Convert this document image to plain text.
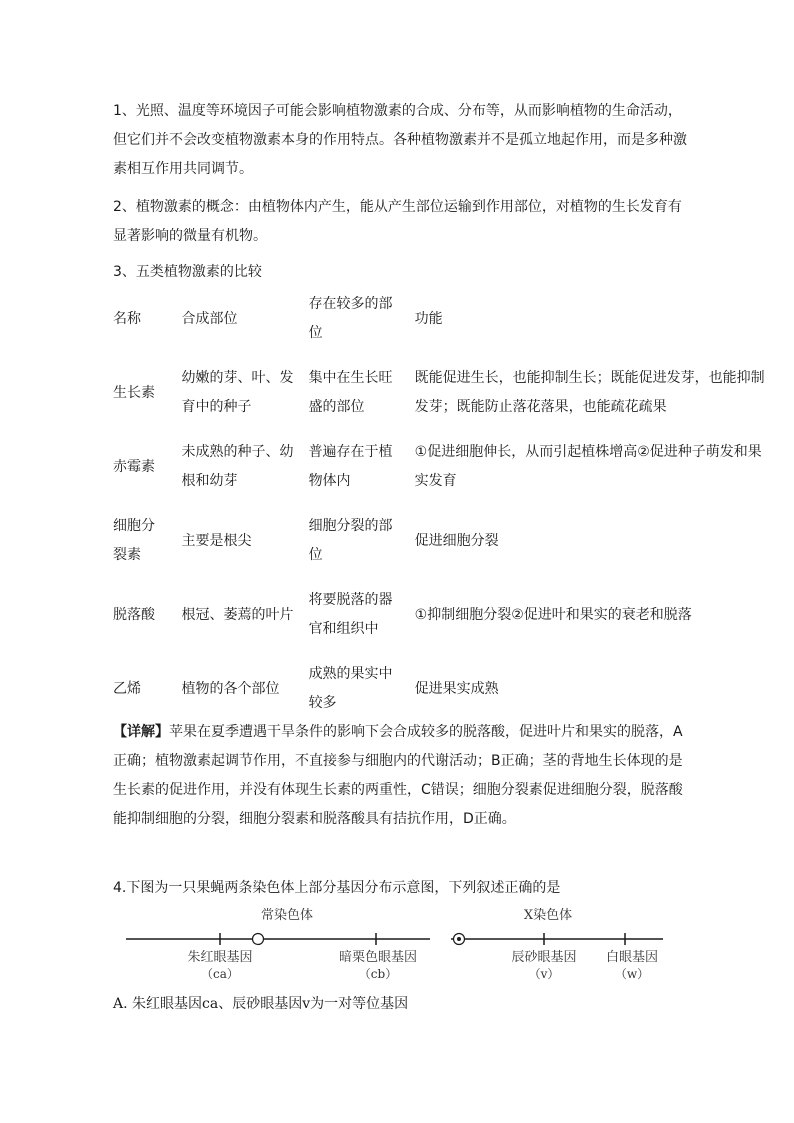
1、光照、温度等环境因子可能会影响植物激素的合成、分布等，从而影响植物的生命活动，但它们并不会改变植物激素本身的作用特点。各种植物激素并不是孤立地起作用，而是多种激素相互作用共同调节。

2、植物激素的概念：由植物体内产生，能从产生部位运输到作用部位，对植物的生长发育有显著影响的微量有机物。

3、五类植物激素的比较

名称	合成部位	存在较多的部位	功能
生长素	幼嫩的芽、叶、发育中的种子	集中在生长旺盛的部位	既能促进生长，也能抑制生长；既能促进发芽，也能抑制发芽；既能防止落花落果，也能疏花疏果
赤霉素	未成熟的种子、幼根和幼芽	普遍存在于植物体内	①促进细胞伸长，从而引起植株增高②促进种子萌发和果实发育
细胞分裂素	主要是根尖	细胞分裂的部位	促进细胞分裂
脱落酸	根冠、萎蔫的叶片	将要脱落的器官和组织中	①抑制细胞分裂②促进叶和果实的衰老和脱落
乙烯	植物的各个部位	成熟的果实中较多	促进果实成熟

【详解】苹果在夏季遭遇干旱条件的影响下会合成较多的脱落酸，促进叶片和果实的脱落，A正确；植物激素起调节作用，不直接参与细胞内的代谢活动；B正确；茎的背地生长体现的是生长素的促进作用，并没有体现生长素的两重性，C错误；细胞分裂素促进细胞分裂，脱落酸能抑制细胞的分裂，细胞分裂素和脱落酸具有拮抗作用，D正确。

4.下图为一只果蝇两条染色体上部分基因分布示意图，下列叙述正确的是

常染色体	X染色体
朱红眼基因
（ca）
暗栗色眼基因
（cb）
辰砂眼基因
（v）
白眼基因
（w）

A. 朱红眼基因ca、辰砂眼基因v为一对等位基因
